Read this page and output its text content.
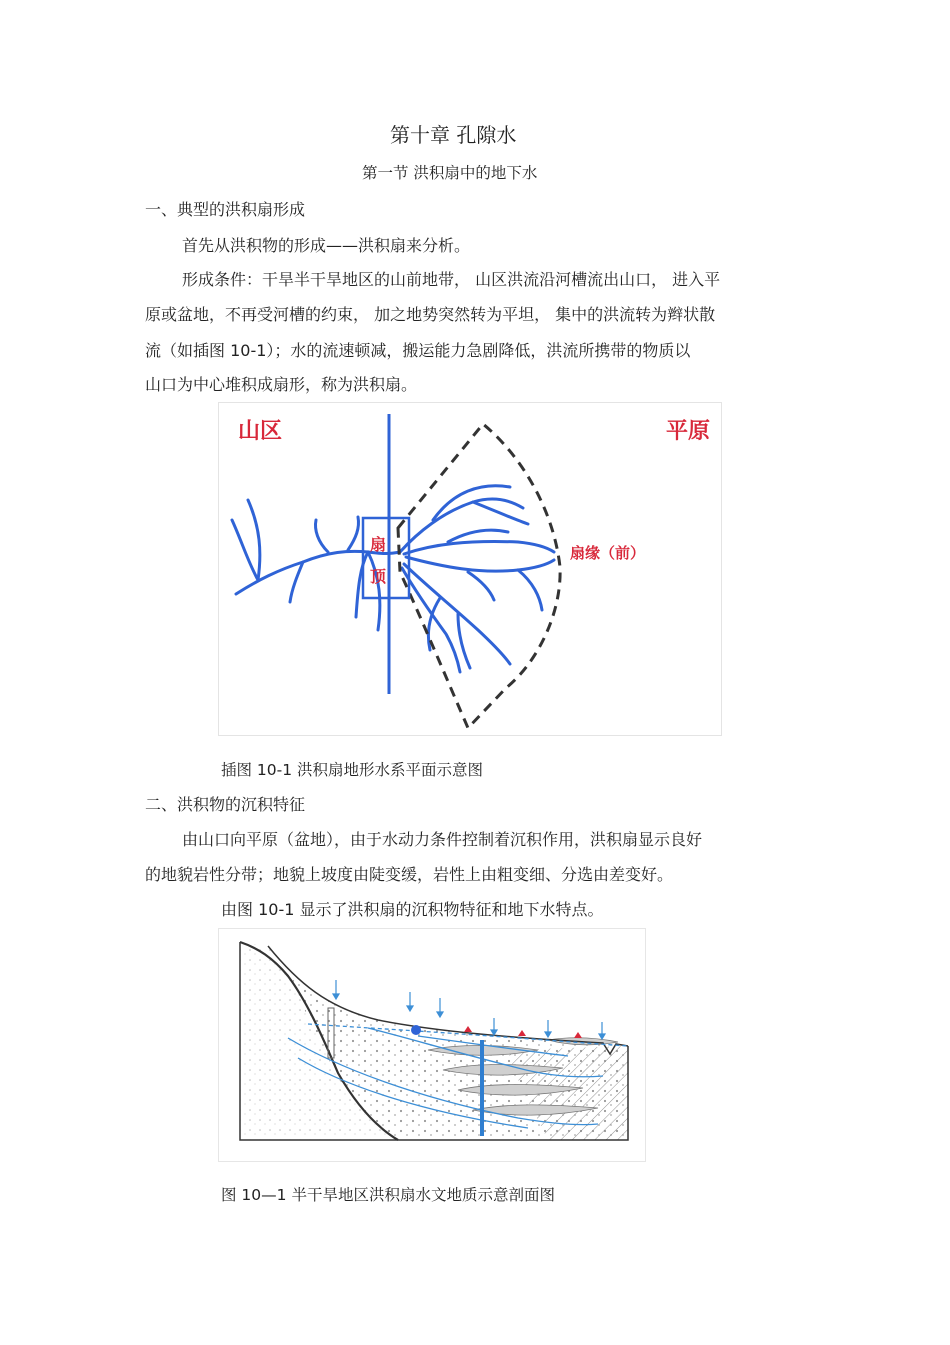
第十章 孔隙水
第一节 洪积扇中的地下水
一、典型的洪积扇形成
首先从洪积物的形成——洪积扇来分析。
形成条件：干旱半干旱地区的山前地带， 山区洪流沿河槽流出山口， 进入平
原或盆地，不再受河槽的约束， 加之地势突然转为平坦， 集中的洪流转为辫状散
流（如插图 10-1）；水的流速顿减，搬运能力急剧降低，洪流所携带的物质以
山口为中心堆积成扇形，称为洪积扇。
山区	平原
扇
顶
扇缘（前）
插图 10-1 洪积扇地形水系平面示意图
二、洪积物的沉积特征
由山口向平原（盆地），由于水动力条件控制着沉积作用，洪积扇显示良好
的地貌岩性分带；地貌上坡度由陡变缓，岩性上由粗变细、分选由差变好。
由图 10-1 显示了洪积扇的沉积物特征和地下水特点。
图 10—1 半干旱地区洪积扇水文地质示意剖面图
